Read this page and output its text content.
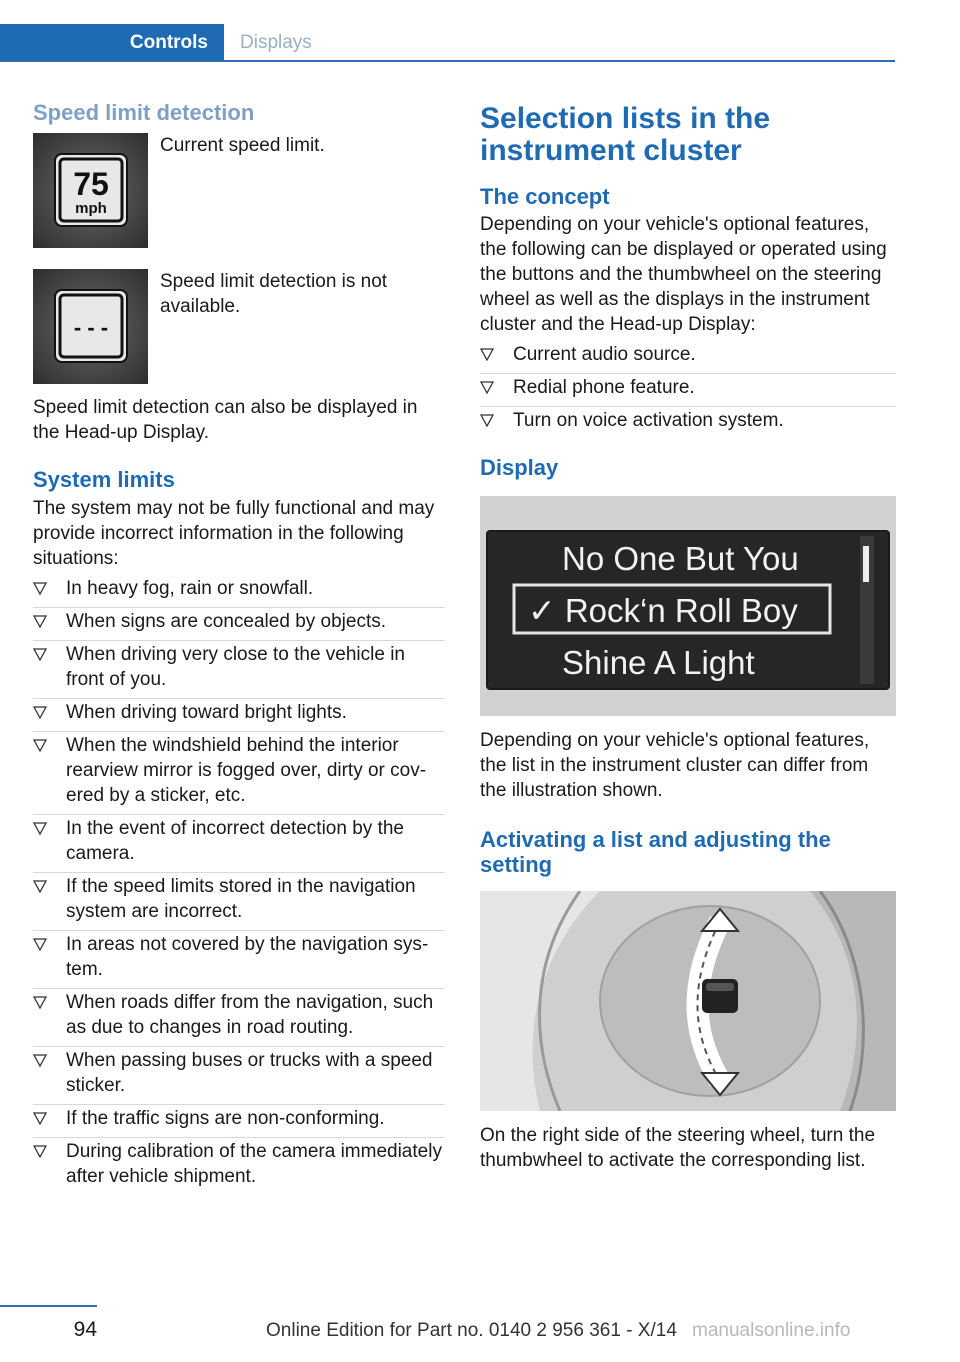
Controls	Displays
Speed limit detection
75
mph
Current speed limit.
- - -
Speed limit detection is not available.

Speed limit detection can also be displayed in the Head-up Display.

System limits

The system may not be fully functional and may provide incorrect information in the following situations:

In heavy fog, rain or snowfall.
When signs are concealed by objects.
When driving very close to the vehicle in front of you.
When driving toward bright lights.
When the windshield behind the interior rearview mirror is fogged over, dirty or covered by a sticker, etc.
In the event of incorrect detection by the camera.
If the speed limits stored in the navigation system are incorrect.
In areas not covered by the navigation system.
When roads differ from the navigation, such as due to changes in road routing.
When passing buses or trucks with a speed sticker.
If the traffic signs are non-conforming.
During calibration of the camera immediately after vehicle shipment.
Selection lists in the instrument cluster
The concept

Depending on your vehicle's optional features, the following can be displayed or operated using the buttons and the thumbwheel on the steering wheel as well as the displays in the instrument cluster and the Head-up Display:

Current audio source.
Redial phone feature.
Turn on voice activation system.
Display
No One But You
✓ Rock‘n Roll Boy
Shine A Light

Depending on your vehicle's optional features, the list in the instrument cluster can differ from the illustration shown.

Activating a list and adjusting the setting

On the right side of the steering wheel, turn the thumbwheel to activate the corresponding list.

94	Online Edition for Part no. 0140 2 956 361 - X/14 manualsonline.info
